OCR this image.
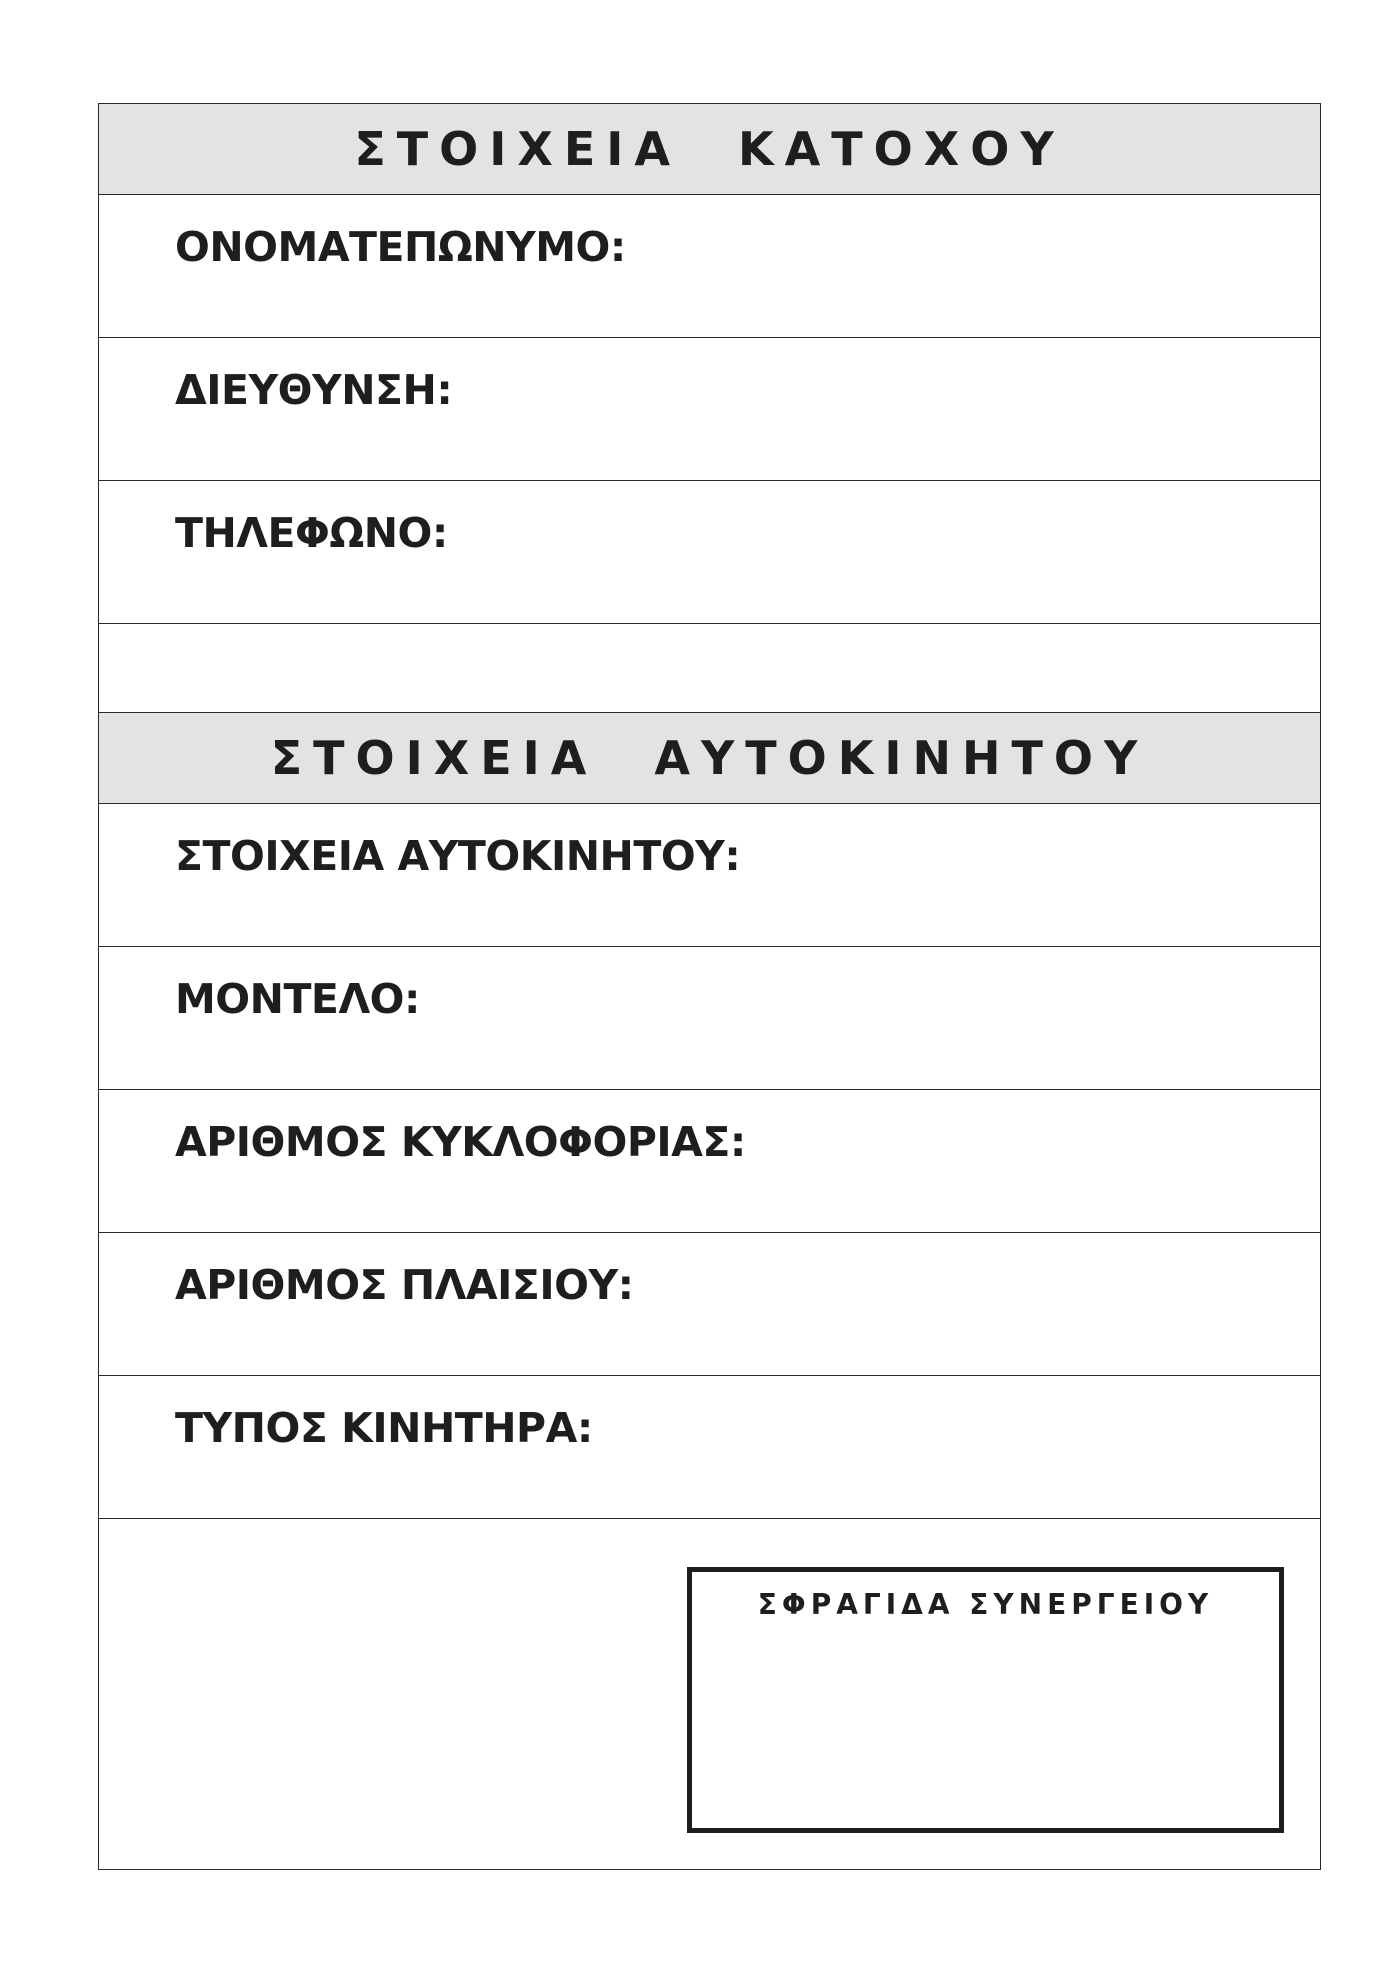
ΣΤΟΙΧΕΙΑ ΚΑΤΟΧΟΥ
ΟΝΟΜΑΤΕΠΩΝΥΜΟ:
ΔΙΕΥΘΥΝΣΗ:
ΤΗΛΕΦΩΝΟ:
ΣΤΟΙΧΕΙΑ ΑΥΤΟΚΙΝΗΤΟΥ
ΣΤΟΙΧΕΙΑ ΑΥΤΟΚΙΝΗΤΟΥ:
ΜΟΝΤΕΛΟ:
ΑΡΙΘΜΟΣ ΚΥΚΛΟΦΟΡΙΑΣ:
ΑΡΙΘΜΟΣ ΠΛΑΙΣΙΟΥ:
ΤΥΠΟΣ ΚΙΝΗΤΗΡΑ:
ΣΦΡΑΓΙΔΑ ΣΥΝΕΡΓΕΙΟΥ
